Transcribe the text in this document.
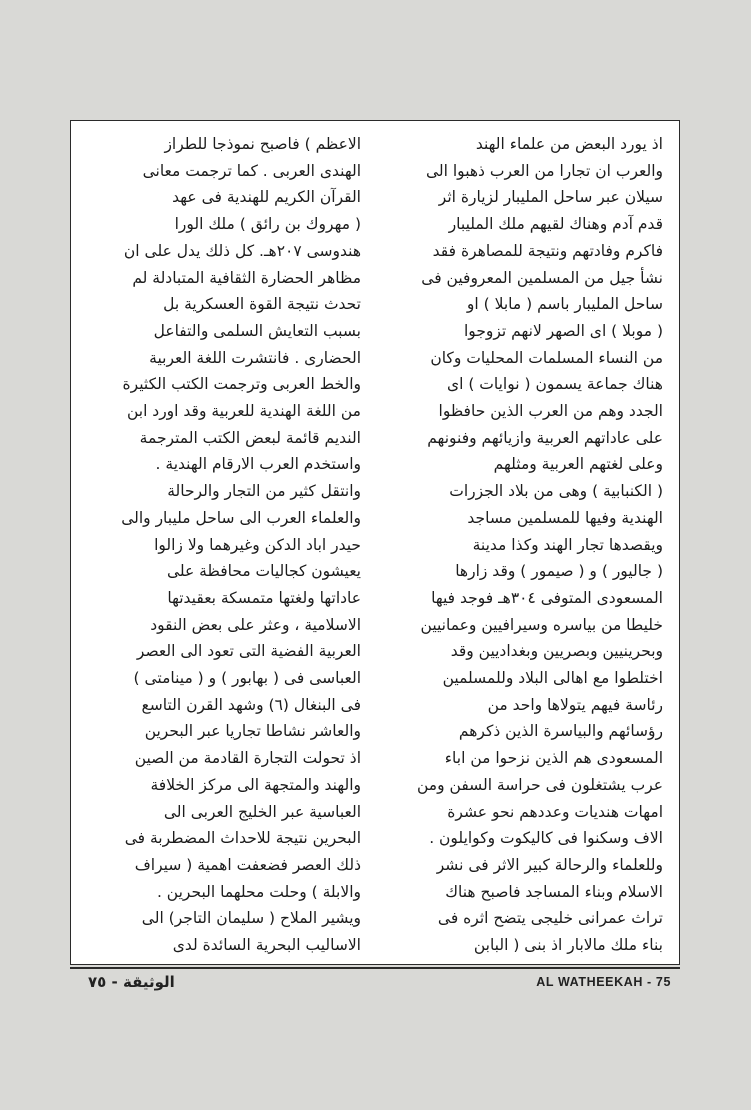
اذ يورد البعض من علماء الهند
والعرب ان تجارا من العرب ذهبوا الى
سيلان عبر ساحل المليبار لزيارة اثر
قدم آدم وهناك لقيهم ملك المليبار
فاكرم وفادتهم ونتيجة للمصاهرة فقد
نشأ جيل من المسلمين المعروفين فى
ساحل المليبار باسم ( مابلا ) او
( موبلا ) اى الصهر لانهم تزوجوا
من النساء المسلمات المحليات وكان
هناك جماعة يسمون ( نوايات ) اى
الجدد وهم من العرب الذين حافظوا
على عاداتهم العربية وازيائهم وفنونهم
وعلى لغتهم العربية ومثلهم
( الكنبابية ) وهى من بلاد الجزرات
الهندية وفيها للمسلمين مساجد
ويقصدها تجار الهند وكذا مدينة
( جاليور ) و ( صيمور ) وقد زارها
المسعودى المتوفى ٣٠٤هـ فوجد فيها
خليطا من بياسره وسيرافيين وعمانيين
وبحرينيين وبصريين وبغداديين وقد
اختلطوا مع اهالى البلاد وللمسلمين
رئاسة فيهم يتولاها واحد من
رؤسائهم والبياسرة الذين ذكرهم
المسعودى هم الذين نزحوا من اباء
عرب يشتغلون فى حراسة السفن ومن
امهات هنديات وعددهم نحو عشرة
الاف وسكنوا فى كاليكوت وكوايلون .
وللعلماء والرحالة كبير الاثر فى نشر
الاسلام وبناء المساجد فاصبح هناك
تراث عمرانى خليجى يتضح اثره فى
بناء ملك مالابار اذ بنى ( البابن
الاعظم ) فاصبح نموذجا للطراز
الهندى العربى . كما ترجمت معانى
القرآن الكريم للهندية فى عهد
( مهروك بن رائق ) ملك الورا
هندوسى ٢٠٧هـ. كل ذلك يدل على ان
مظاهر الحضارة الثقافية المتبادلة لم
تحدث نتيجة القوة العسكرية بل
بسبب التعايش السلمى والتفاعل
الحضارى . فانتشرت اللغة العربية
والخط العربى وترجمت الكتب الكثيرة
من اللغة الهندية للعربية وقد اورد ابن
النديم قائمة لبعض الكتب المترجمة
واستخدم العرب الارقام الهندية .
وانتقل كثير من التجار والرحالة
والعلماء العرب الى ساحل مليبار والى
حيدر اباد الدكن وغيرهما ولا زالوا
يعيشون كجاليات محافظة على
عاداتها ولغتها متمسكة بعقيدتها
الاسلامية ، وعثر على بعض النقود
العربية الفضية التى تعود الى العصر
العباسى فى ( بهابور ) و ( مينامتى )
فى البنغال (٦) وشهد القرن التاسع
والعاشر نشاطا تجاريا عبر البحرين
اذ تحولت التجارة القادمة من الصين
والهند والمتجهة الى مركز الخلافة
العباسية عبر الخليج العربى الى
البحرين نتيجة للاحداث المضطربة فى
ذلك العصر فضعفت اهمية ( سيراف
والابلة ) وحلت محلهما البحرين .
ويشير الملاح ( سليمان التاجر) الى
الاساليب البحرية السائدة لدى
الوثيقة - ٧٥	AL WATHEEKAH - 75
